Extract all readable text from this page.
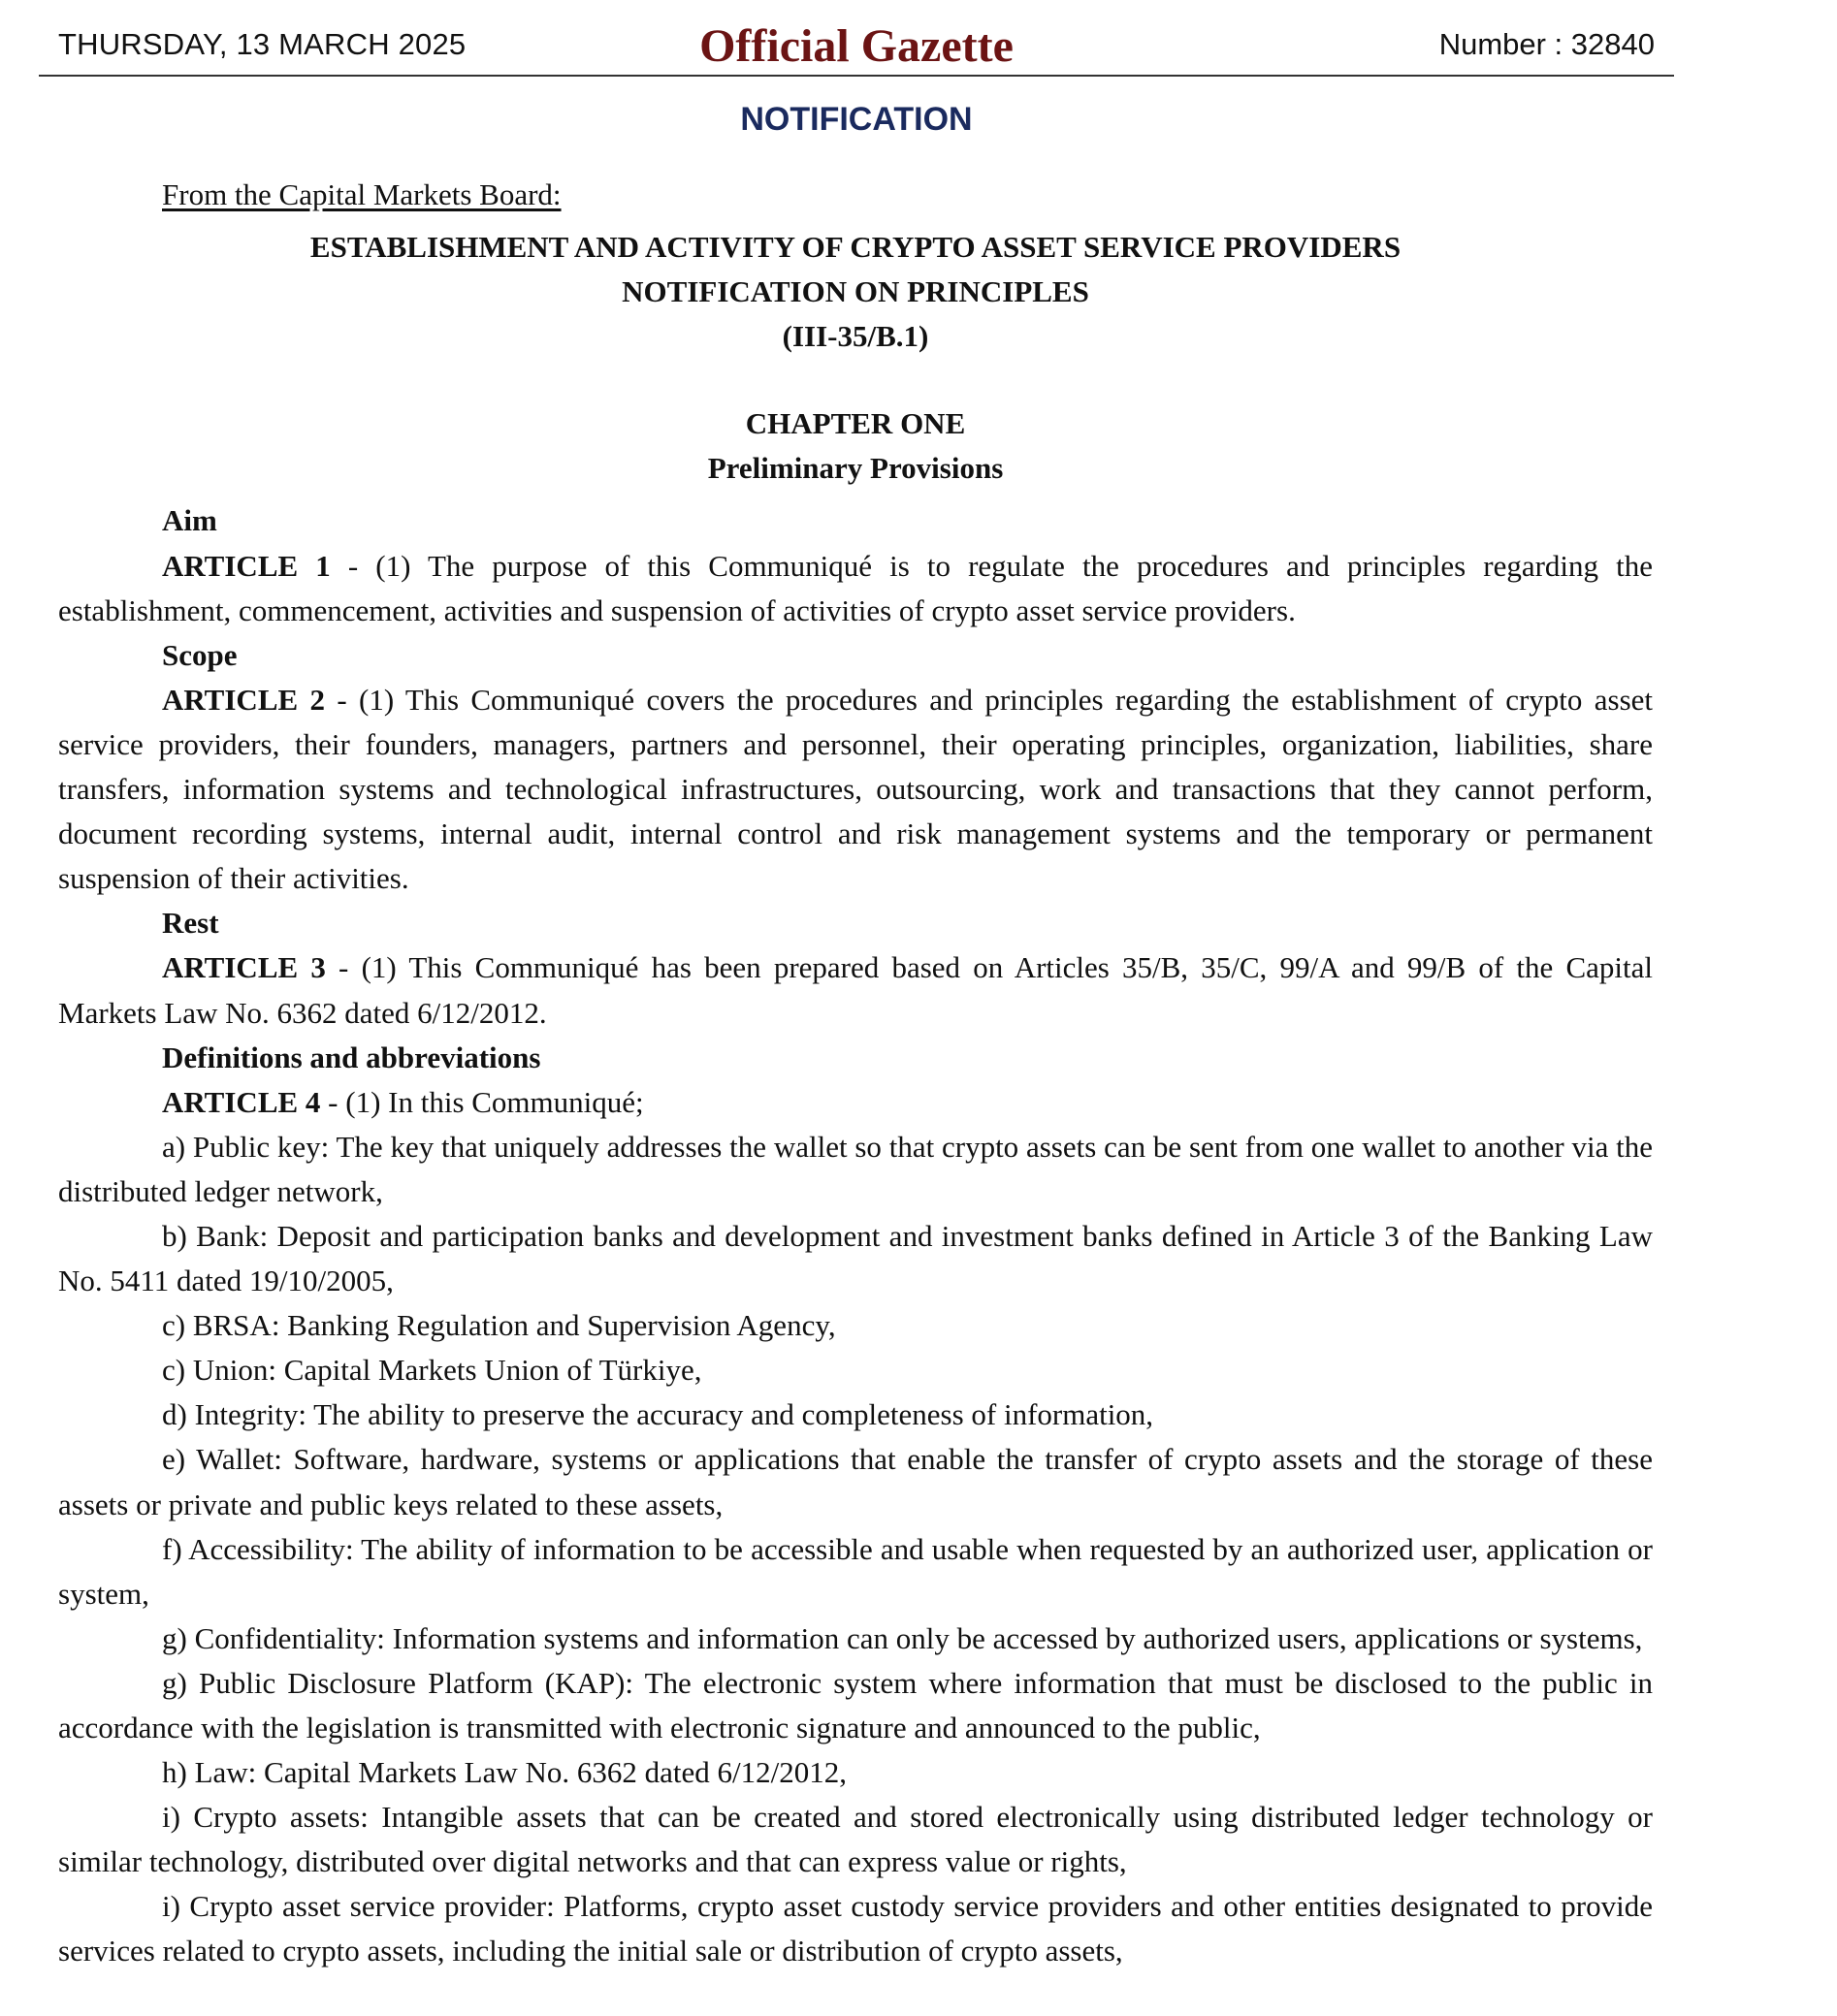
THURSDAY, 13 MARCH 2025	Official Gazette	Number : 32840
NOTIFICATION

From the Capital Markets Board:

ESTABLISHMENT AND ACTIVITY OF CRYPTO ASSET SERVICE PROVIDERS

NOTIFICATION ON PRINCIPLES

(III-35/B.1)

CHAPTER ONE

Preliminary Provisions

Aim

ARTICLE 1 - (1) The purpose of this Communiqué is to regulate the procedures and principles regarding the establishment, commencement, activities and suspension of activities of crypto asset service providers.

Scope

ARTICLE 2 - (1) This Communiqué covers the procedures and principles regarding the establishment of crypto asset service providers, their founders, managers, partners and personnel, their operating principles, organization, liabilities, share transfers, information systems and technological infrastructures, outsourcing, work and transactions that they cannot perform, document recording systems, internal audit, internal control and risk management systems and the temporary or permanent suspension of their activities.

Rest

ARTICLE 3 - (1) This Communiqué has been prepared based on Articles 35/B, 35/C, 99/A and 99/B of the Capital Markets Law No. 6362 dated 6/12/2012.

Definitions and abbreviations

ARTICLE 4 - (1) In this Communiqué;

a) Public key: The key that uniquely addresses the wallet so that crypto assets can be sent from one wallet to another via the distributed ledger network,

b) Bank: Deposit and participation banks and development and investment banks defined in Article 3 of the Banking Law No. 5411 dated 19/10/2005,

c) BRSA: Banking Regulation and Supervision Agency,

c) Union: Capital Markets Union of Türkiye,

d) Integrity: The ability to preserve the accuracy and completeness of information,

e) Wallet: Software, hardware, systems or applications that enable the transfer of crypto assets and the storage of these assets or private and public keys related to these assets,

f) Accessibility: The ability of information to be accessible and usable when requested by an authorized user, application or system,

g) Confidentiality: Information systems and information can only be accessed by authorized users, applications or systems,

g) Public Disclosure Platform (KAP): The electronic system where information that must be disclosed to the public in accordance with the legislation is transmitted with electronic signature and announced to the public,

h) Law: Capital Markets Law No. 6362 dated 6/12/2012,

i) Crypto assets: Intangible assets that can be created and stored electronically using distributed ledger technology or similar technology, distributed over digital networks and that can express value or rights,

i) Crypto asset service provider: Platforms, crypto asset custody service providers and other entities designated to provide services related to crypto assets, including the initial sale or distribution of crypto assets,
